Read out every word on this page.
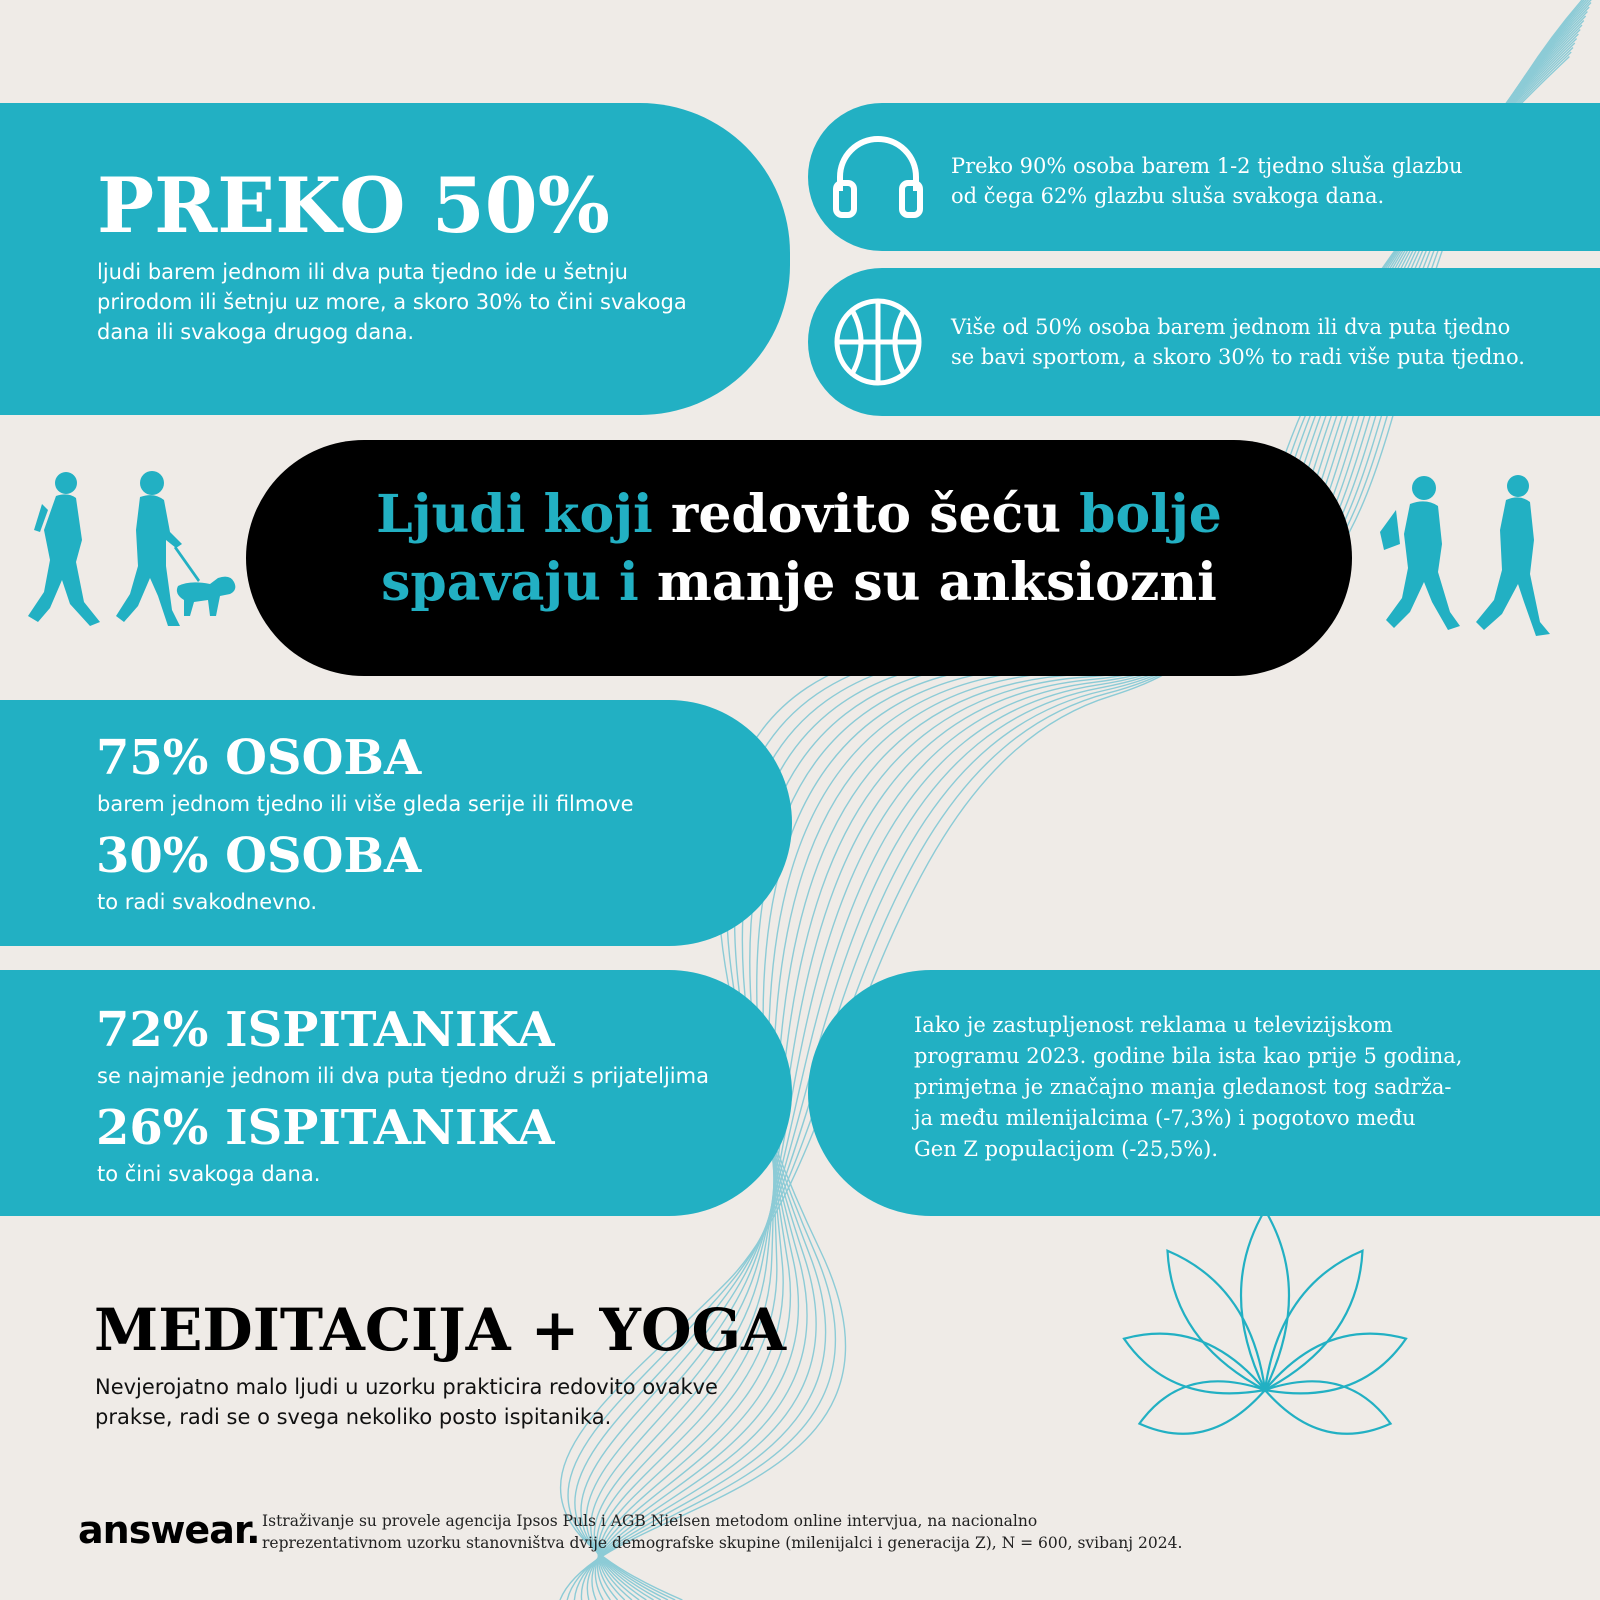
PREKO 50%
ljudi barem jednom ili dva puta tjedno ide u šetnju prirodom ili šetnju uz more, a skoro 30% to čini svakoga dana ili svakoga drugog dana.
Preko 90% osoba barem 1-2 tjedno sluša glazbu
od čega 62% glazbu sluša svakoga dana.
Više od 50% osoba barem jednom ili dva puta tjedno
se bavi sportom, a skoro 30% to radi više puta tjedno.
Ljudi koji redovito šeću bolje
spavaju i manje su anksiozni
75% OSOBA
barem jednom tjedno ili više gleda serije ili filmove
30% OSOBA
to radi svakodnevno.
72% ISPITANIKA
se najmanje jednom ili dva puta tjedno druži s prijateljima
26% ISPITANIKA
to čini svakoga dana.
Iako je zastupljenost reklama u televizijskom
programu 2023. godine bila ista kao prije 5 godina,
primjetna je značajno manja gledanost tog sadrža-
ja među milenijalcima (-7,3%) i pogotovo među
Gen Z populacijom (-25,5%).
MEDITACIJA + YOGA
Nevjerojatno malo ljudi u uzorku prakticira redovito ovakve
prakse, radi se o svega nekoliko posto ispitanika.
answear. Istraživanje su provele agencija Ipsos Puls i AGB Nielsen metodom online intervjua, na nacionalno
reprezentativnom uzorku stanovništva dvije demografske skupine (milenijalci i generacija Z), N = 600, svibanj 2024.
